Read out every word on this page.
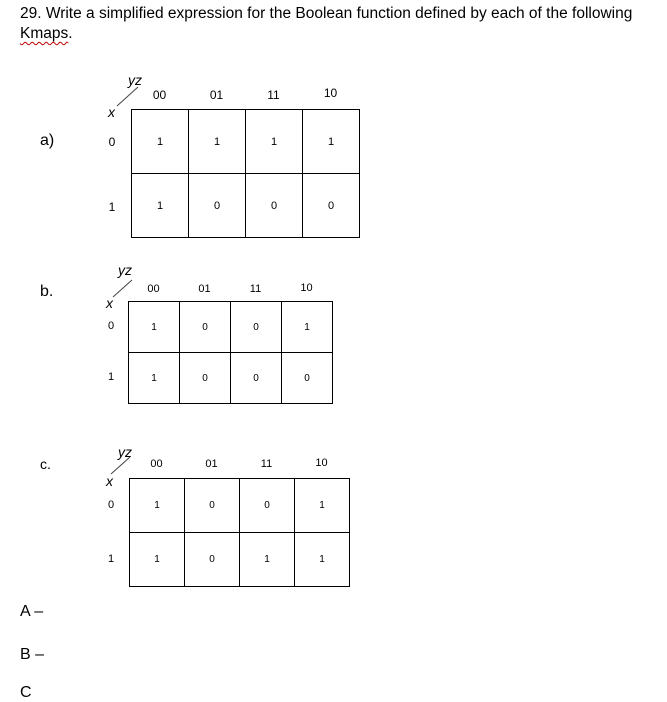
29. Write a simplified expression for the Boolean function defined by each of the following Kmaps.
a)
yz
x
00	01	11	10
0
1
1	1	1	1
1	0	0	0
b.
yz
x
00	01	11	10
0
1
1	0	0	1
1	0	0	0
c.
yz
x
00	01	11	10
0
1
1	0	0	1
1	0	1	1
A –
B –
C
